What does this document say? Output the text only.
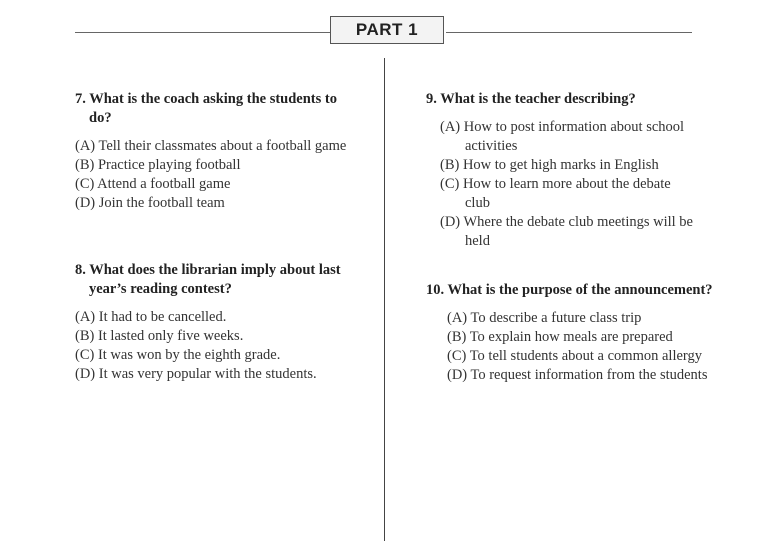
PART 1
7. What is the coach asking the students to do?
(A) Tell their classmates about a football game
(B) Practice playing football
(C) Attend a football game
(D) Join the football team
8. What does the librarian imply about last year’s reading contest?
(A) It had to be cancelled.
(B) It lasted only five weeks.
(C) It was won by the eighth grade.
(D) It was very popular with the students.
9. What is the teacher describing?
(A) How to post information about school activities
(B) How to get high marks in English
(C) How to learn more about the debate club
(D) Where the debate club meetings will be held
10. What is the purpose of the announcement?
(A) To describe a future class trip
(B) To explain how meals are prepared
(C) To tell students about a common allergy
(D) To request information from the students
